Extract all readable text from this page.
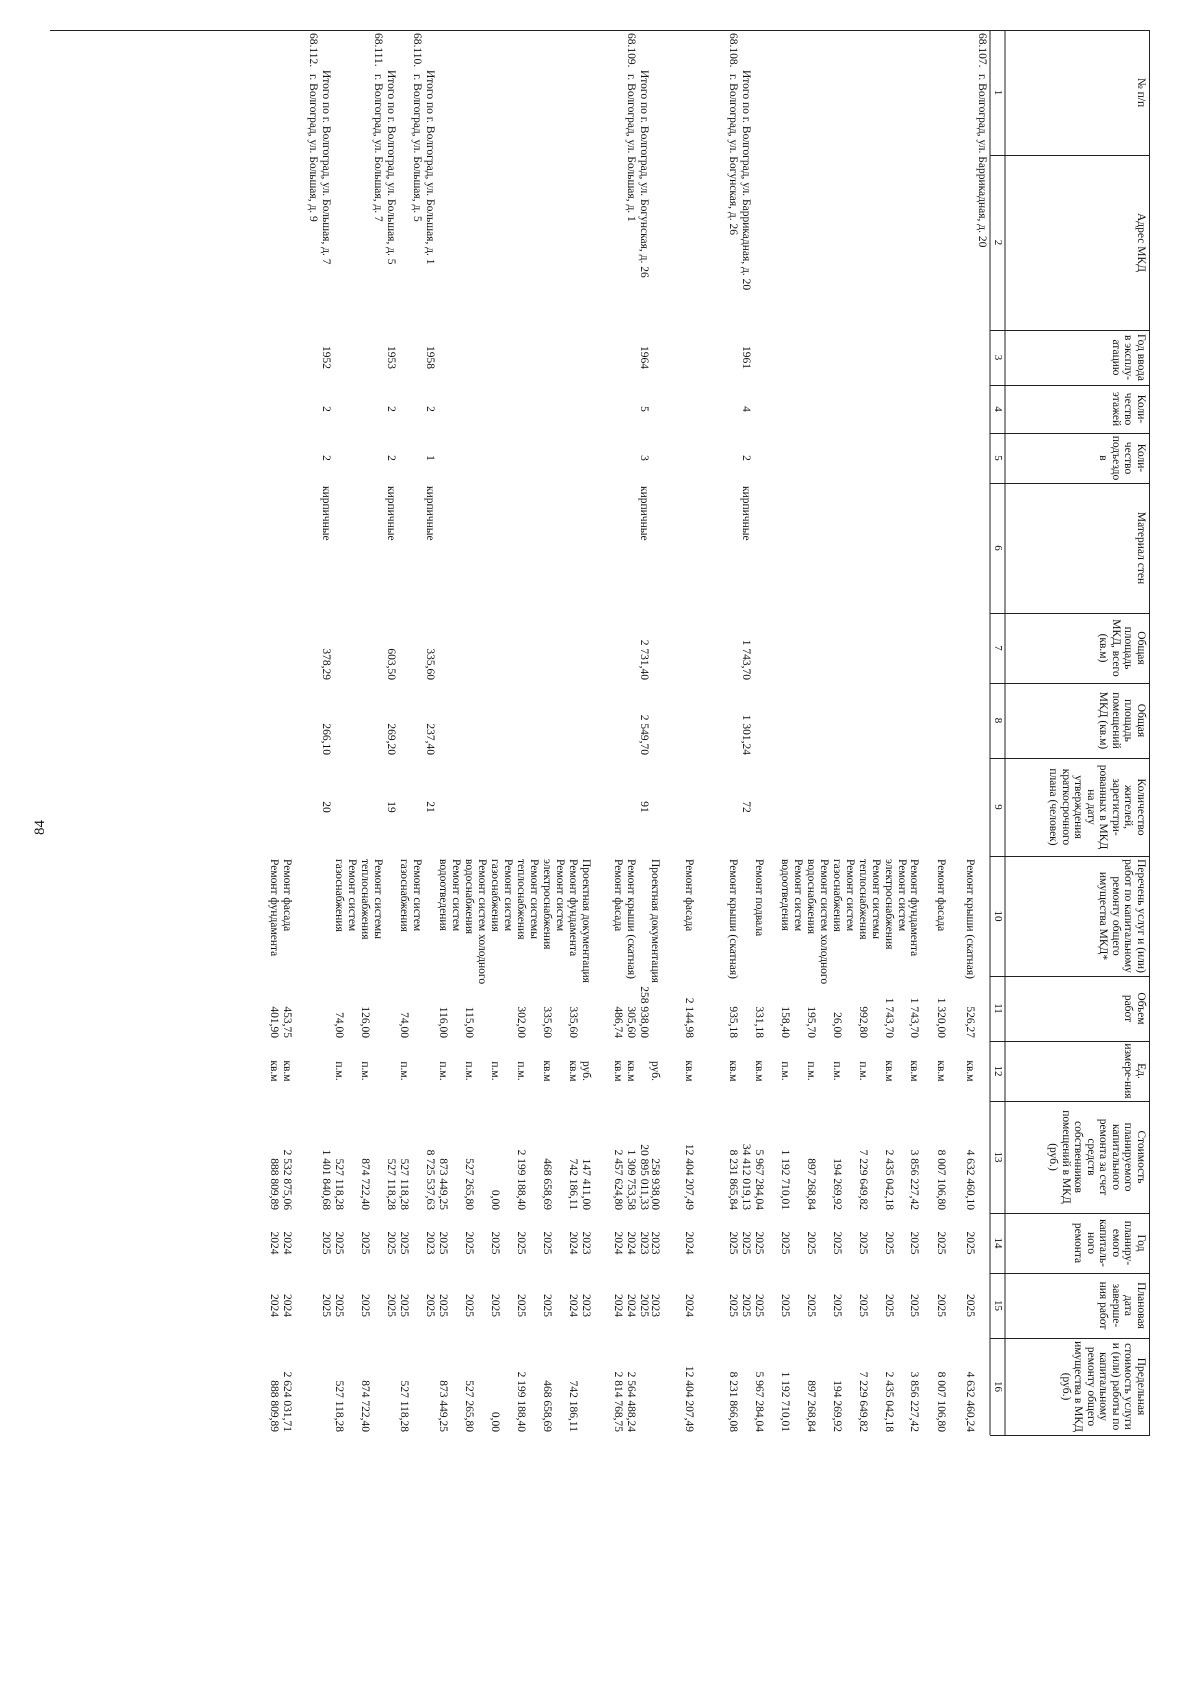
84
№ п/п
Адрес МКД
Год ввода в эксплу-атацию
Коли-чество этажей
Коли-чество подъездо в
Материал стен
Общая площадь МКД, всего (кв.м)
Общая площадь помещений МКД (кв.м)
Количество жителей, зарегистри-рованных в МКД на дату утверждения краткосрочного плана (человек)
Перечень услуг и (или) работ по капитальному ремонту общего имущества МКД*
Объем работ
Ед. измере-ния
Стоимость планируемого капитального ремонта за счет средств собственников помещений в МКД (руб.)
Год планиру-емого капиталь-ного ремонта
Плановая дата заверше-ния работ
Предельная стоимость услуги и (или) работы по капитальному ремонту общего имущества в МКД (руб.)
1
2
3
4
5
6
7
8
9
10
11
12
13
14
15
16
68.107.
г. Волгоград, ул. Баррикадная, д. 20
Ремонт крыши (скатная)
526,27
кв.м
4 632 460,10
2025
2025
4 632 460,24
Ремонт фасада
1 320,00
кв.м
8 007 106,80
2025
2025
8 007 106,80
Ремонт фундамента
1 743,70
кв.м
3 856 227,42
2025
2025
3 856 227,42
Ремонт систем
электроснабжения
1 743,70
кв.м
2 435 042,18
2025
2025
2 435 042,18
Ремонт системы
теплоснабжения
992,80
п.м.
7 229 649,82
2025
2025
7 229 649,82
Ремонт систем
газоснабжения
26,00
п.м.
194 269,92
2025
2025
194 269,92
Ремонт систем холодного
водоснабжения
195,70
п.м.
897 268,84
2025
2025
897 268,84
Ремонт систем
водоотведения
158,40
п.м.
1 192 710,01
2025
2025
1 192 710,01
Ремонт подвала
331,18
кв.м
5 967 284,04
2025
2025
5 967 284,04
Итого по г. Волгоград, ул. Баррикадная, д. 20
1961
4
2
кирпичные
1 743,70
1 301,24
72
34 412 019,13
2025
2025
68.108.
г. Волгоград, ул. Богунская, д. 26
Ремонт крыши (скатная)
935,18
кв.м
8 231 865,84
2025
2025
8 231 866,08
Ремонт фасада
2 144,98
кв.м
12 404 207,49
2024
2024
12 404 207,49
Проектная документация
руб.
258 938,00
2023
2023
Итого по г. Волгоград, ул. Богунская, д. 26
1964
5
3
кирпичные
2 731,40
2 549,70
91
258 938,00
20 895 011,33
2023
2025
68.109.
г. Волгоград, ул. Большая, д. 1
Ремонт крыши (скатная)
305,60
кв.м
1 309 753,58
2024
2024
2 564 488,24
Ремонт фасада
486,74
кв.м
2 457 624,80
2024
2024
2 814 768,75
Проектная документация
руб.
147 411,00
2023
2023
Ремонт фундамента
335,60
кв.м
742 186,11
2024
2024
742 186,11
Ремонт систем
электроснабжения
335,60
кв.м
468 658,69
2025
2025
468 658,69
Ремонт системы
теплоснабжения
302,00
п.м.
2 199 188,40
2025
2025
2 199 188,40
Ремонт систем
газоснабжения
п.м.
0,00
2025
2025
0,00
Ремонт систем холодного
водоснабжения
115,00
п.м.
527 265,80
2025
2025
527 265,80
Ремонт систем
водоотведения
116,00
п.м.
873 449,25
2025
2025
873 449,25
Итого по г. Волгоград, ул. Большая, д. 1
1958
2
1
кирпичные
335,60
237,40
21
8 725 537,63
2023
2025
68.110.
г. Волгоград, ул. Большая, д. 5
Ремонт систем
газоснабжения
74,00
п.м.
527 118,28
2025
2025
527 118,28
Итого по г. Волгоград, ул. Большая, д. 5
1953
2
2
кирпичные
603,50
269,20
19
527 118,28
2025
2025
68.111.
г. Волгоград, ул. Большая, д. 7
Ремонт системы
теплоснабжения
126,00
п.м.
874 722,40
2025
2025
874 722,40
Ремонт систем
газоснабжения
74,00
п.м.
527 118,28
2025
2025
527 118,28
Итого по г. Волгоград, ул. Большая, д. 7
1952
2
2
кирпичные
378,29
266,10
20
1 401 840,68
2025
2025
68.112.
г. Волгоград, ул. Большая, д. 9
Ремонт фасада
453,75
кв.м
2 532 875,06
2024
2024
2 624 031,71
Ремонт фундамента
401,90
кв.м
888 809,89
2024
2024
888 809,89
